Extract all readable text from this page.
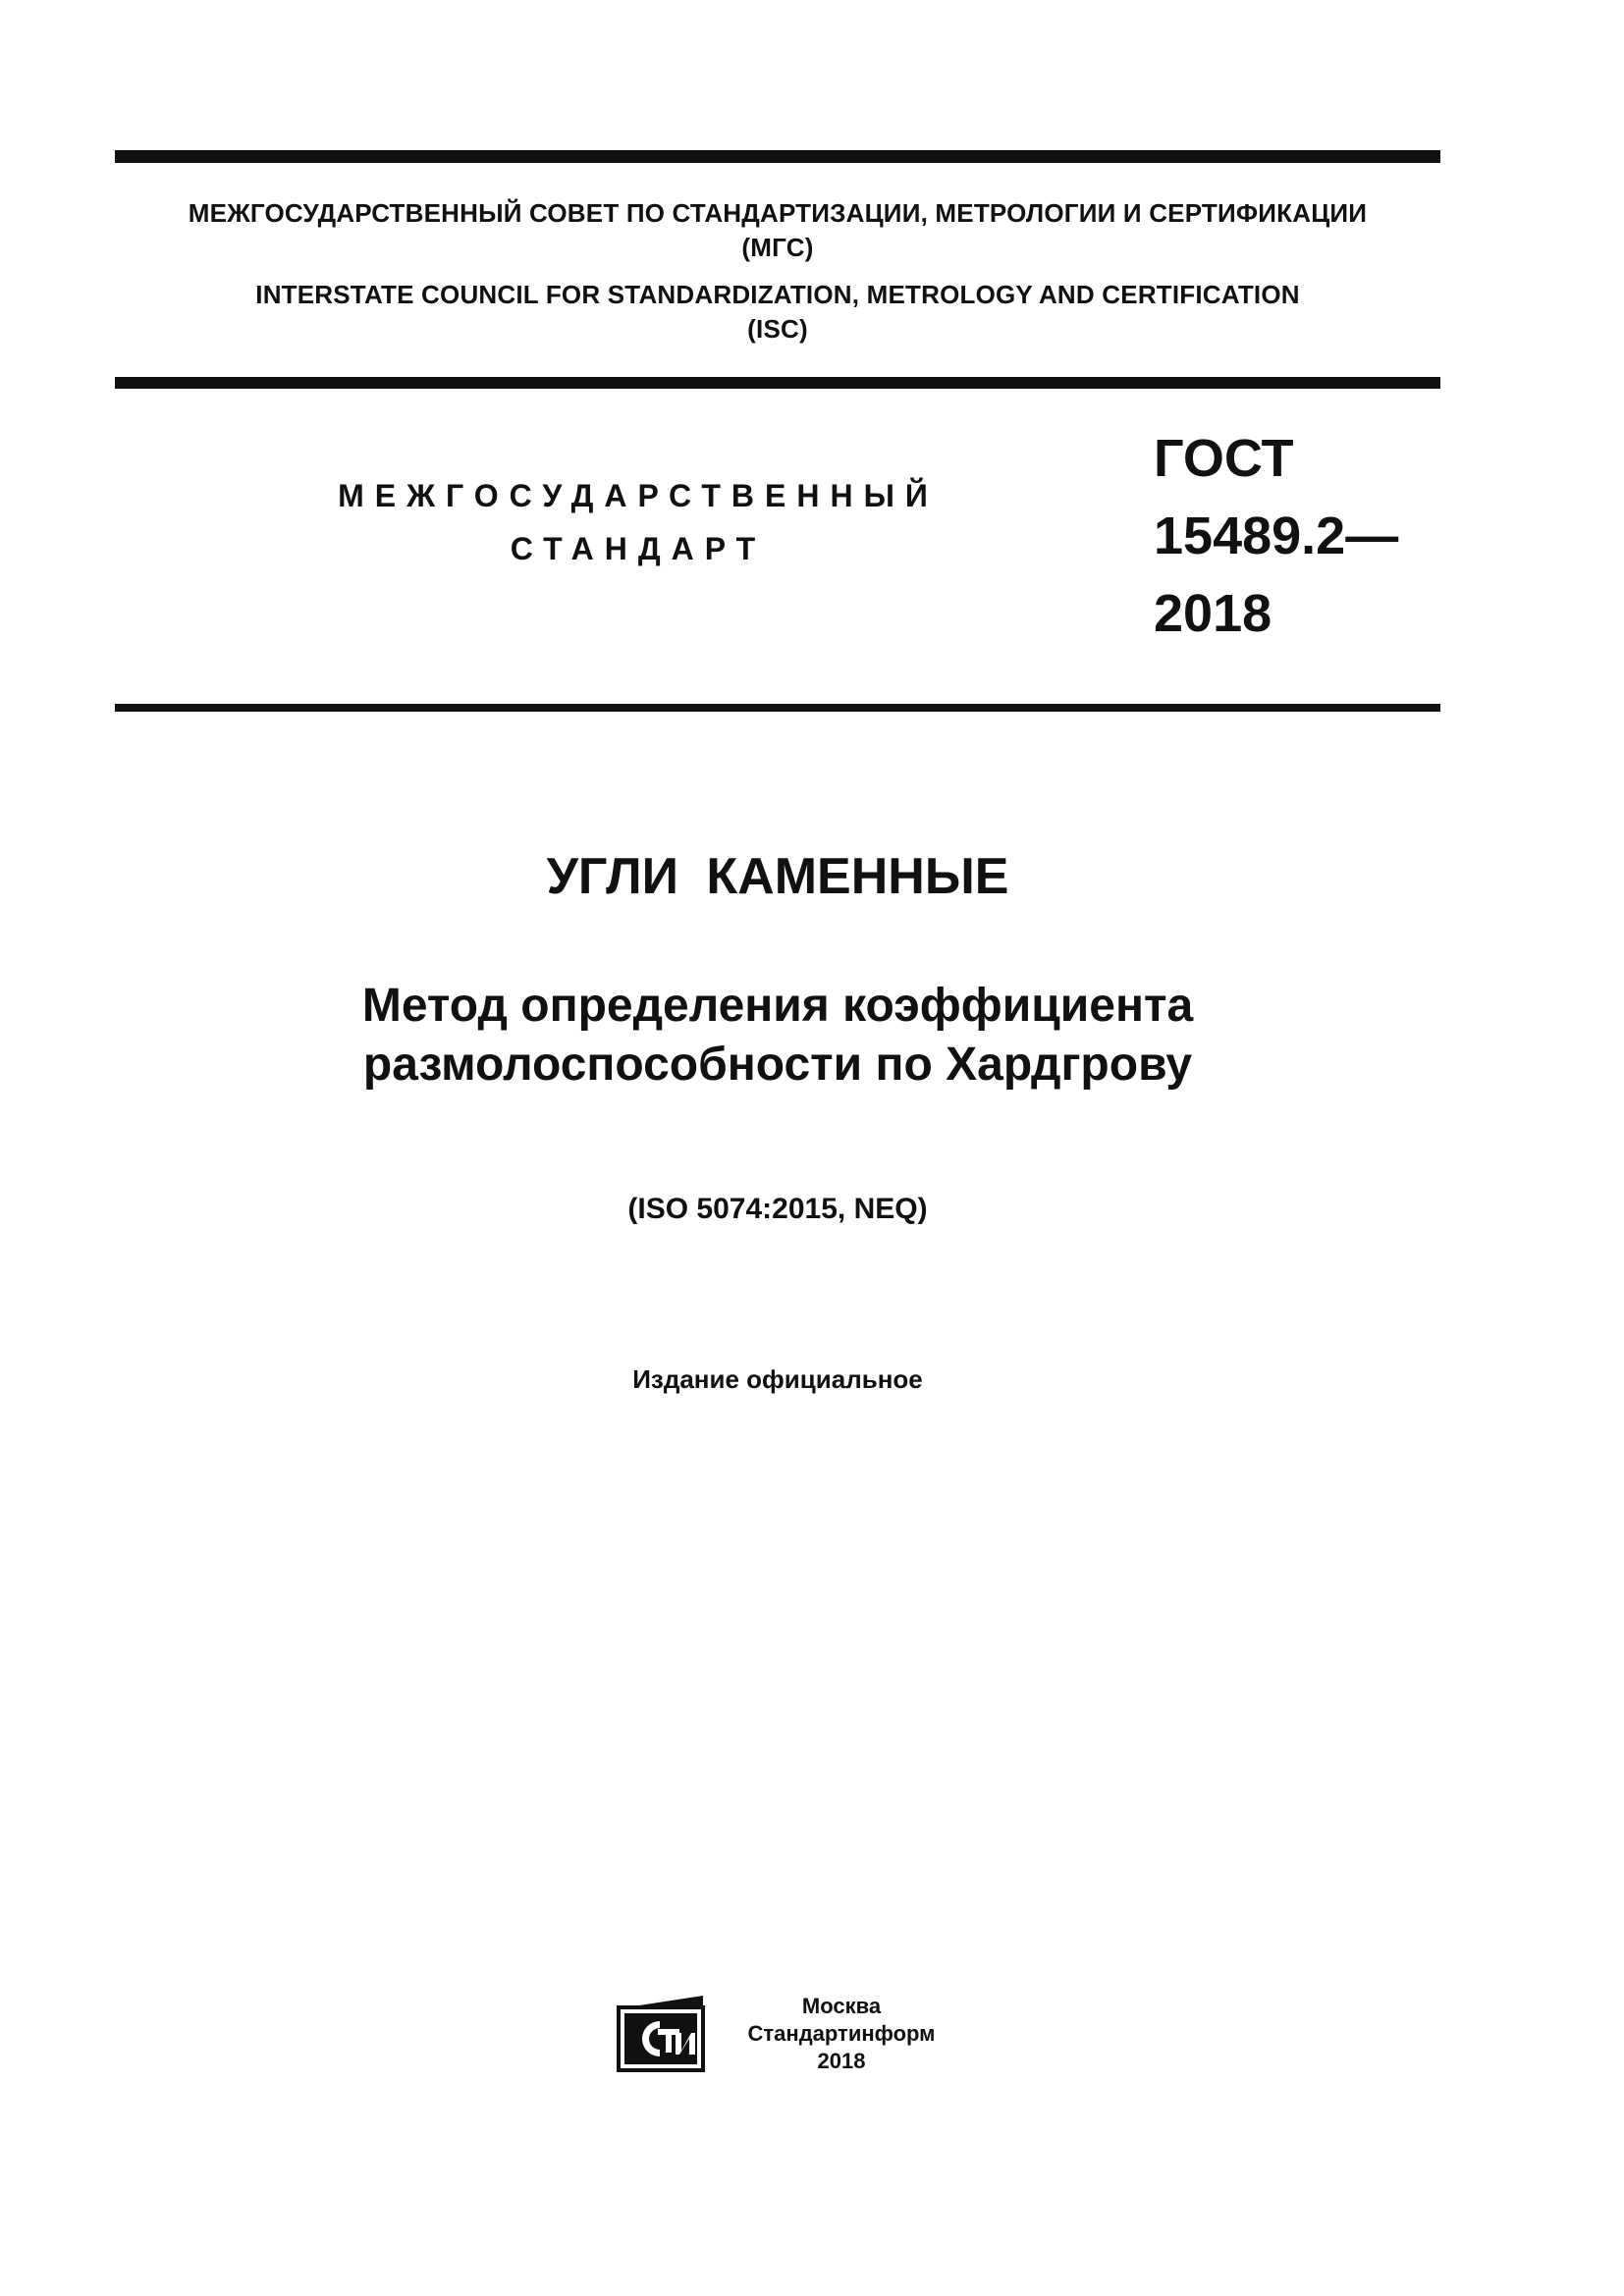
МЕЖГОСУДАРСТВЕННЫЙ СОВЕТ ПО СТАНДАРТИЗАЦИИ, МЕТРОЛОГИИ И СЕРТИФИКАЦИИ
(МГС)
INTERSTATE COUNCIL FOR STANDARDIZATION, METROLOGY AND CERTIFICATION
(ISC)
МЕЖГОСУДАРСТВЕННЫЙ
СТАНДАРТ
ГОСТ
15489.2—
2018
УГЛИ КАМЕННЫЕ
Метод определения коэффициента
размолоспособности по Хардгрову
(ISO 5074:2015, NEQ)
Издание официальное
Москва
Стандартинформ
2018
